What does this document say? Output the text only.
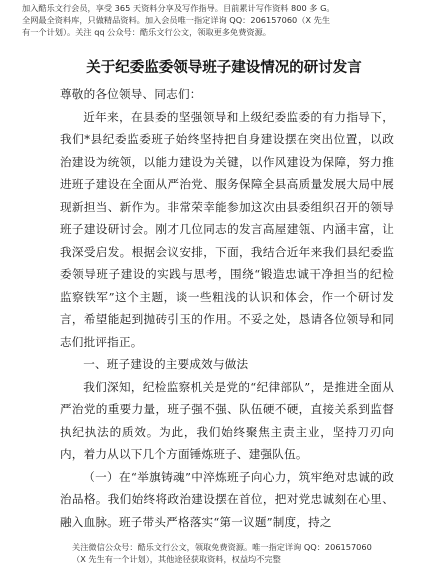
加入酷乐文行会员，享受 365 天资料分享及写作指导。目前累计写作资料 800 多 G。
全网最全资料库，只做精品资料。加入会员唯一指定详询 QQ：206157060（X 先生
有一个计划）。关注 qq 公众号：酷乐文行公文，领取更多免费资源。
关于纪委监委领导班子建设情况的研讨发言

尊敬的各位领导、同志们：

近年来，在县委的坚强领导和上级纪委监委的有力指导下，我们*县纪委监委班子始终坚持把自身建设摆在突出位置，以政治建设为统领，以能力建设为关键，以作风建设为保障，努力推进班子建设在全面从严治党、服务保障全县高质量发展大局中展现新担当、新作为。非常荣幸能参加这次由县委组织召开的领导班子建设研讨会。刚才几位同志的发言高屋建瓴、内涵丰富，让我深受启发。根据会议安排，下面，我结合近年来我们县纪委监委领导班子建设的实践与思考，围绕“锻造忠诚干净担当的纪检监察铁军”这个主题，谈一些粗浅的认识和体会，作一个研讨发言，希望能起到抛砖引玉的作用。不妥之处，恳请各位领导和同志们批评指正。

一、班子建设的主要成效与做法

我们深知，纪检监察机关是党的“纪律部队”，是推进全面从严治党的重要力量，班子强不强、队伍硬不硬，直接关系到监督执纪执法的质效。为此，我们始终聚焦主责主业，坚持刀刃向内，着力从以下几个方面锤炼班子、建强队伍。

（一）在“举旗铸魂”中淬炼班子向心力，筑牢绝对忠诚的政治品格。我们始终将政治建设摆在首位，把对党忠诚刻在心里、融入血脉。班子带头严格落实“第一议题”制度，持之

关注微信公众号：酷乐文行公文，领取免费资源。唯一指定详询 QQ：206157060
（X 先生有一个计划），其他途径获取资料，权益均不完整
